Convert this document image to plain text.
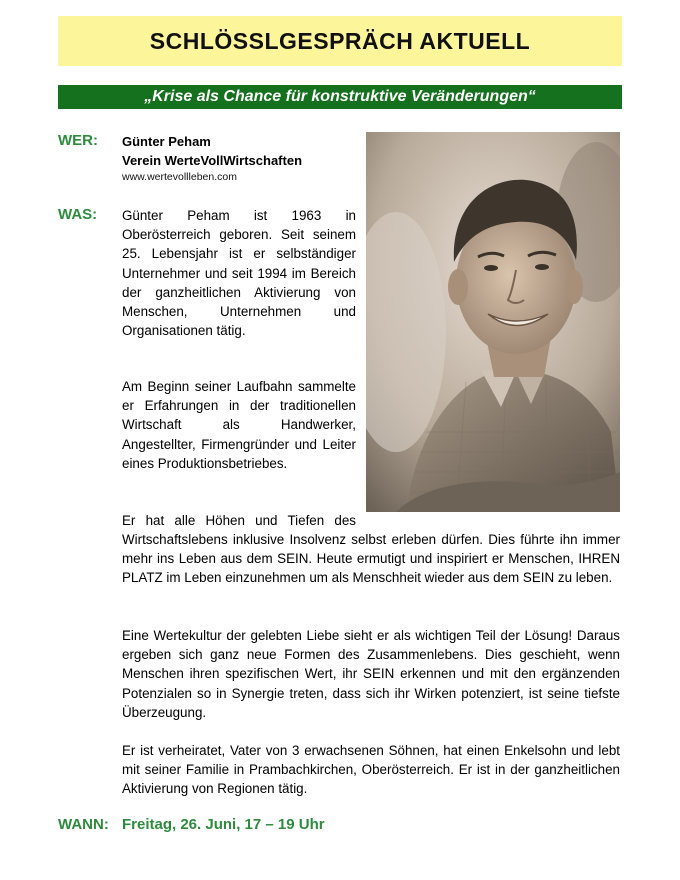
SCHLÖSSLGESPRÄCH AKTUELL
„Krise als Chance für konstruktive Veränderungen“
WER: Günter Peham
Verein WerteVollWirtschaften
www.wertevollleben.com
WAS: Günter Peham ist 1963 in Oberösterreich geboren. Seit seinem 25. Lebensjahr ist er selbständiger Unternehmer und seit 1994 im Bereich der ganzheitlichen Aktivierung von Menschen, Unternehmen und Organisationen tätig.

Am Beginn seiner Laufbahn sammelte er Erfahrungen in der traditionellen Wirtschaft als Handwerker, Angestellter, Firmengründer und Leiter eines Produktionsbetriebes.

Er hat alle Höhen und Tiefen des

Wirtschaftslebens inklusive Insolvenz selbst erleben dürfen. Dies führte ihn immer mehr ins Leben aus dem SEIN. Heute ermutigt und inspiriert er Menschen, IHREN PLATZ im Leben einzunehmen um als Menschheit wieder aus dem SEIN zu leben.

Eine Wertekultur der gelebten Liebe sieht er als wichtigen Teil der Lösung! Daraus ergeben sich ganz neue Formen des Zusammenlebens. Dies geschieht, wenn Menschen ihren spezifischen Wert, ihr SEIN erkennen und mit den ergänzenden Potenzialen so in Synergie treten, dass sich ihr Wirken potenziert, ist seine tiefste Überzeugung.

Er ist verheiratet, Vater von 3 erwachsenen Söhnen, hat einen Enkelsohn und lebt mit seiner Familie in Prambachkirchen, Oberösterreich. Er ist in der ganzheitlichen Aktivierung von Regionen tätig.

WANN: Freitag, 26. Juni, 17 – 19 Uhr
